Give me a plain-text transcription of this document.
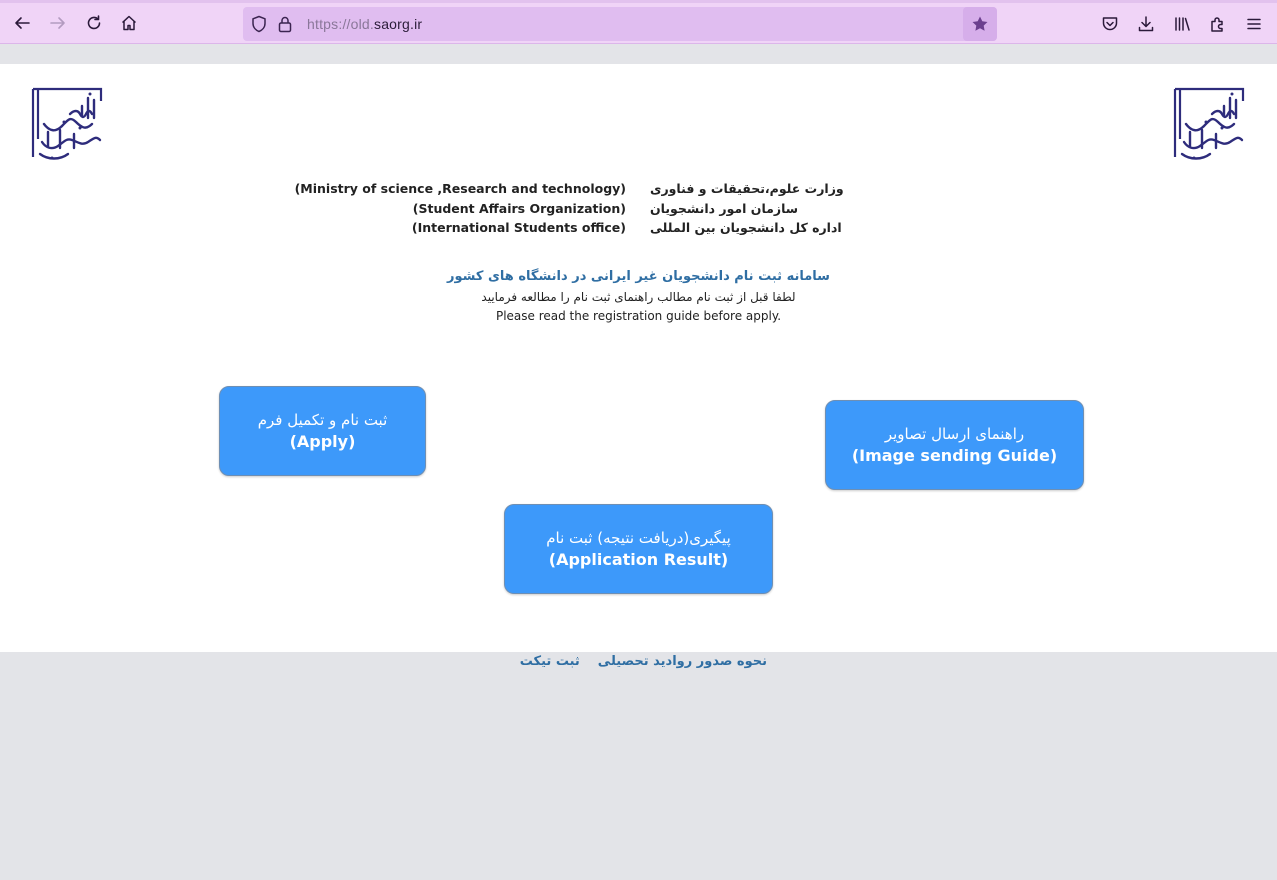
https://old.saorg.ir
(Ministry of science ,Research and technology) وزارت علوم،تحقیقات و فناوری
(Student Affairs Organization) سازمان امور دانشجویان
(International Students office) اداره کل دانشجویان بین المللی
سامانه ثبت نام دانشجویان غیر ایرانی در دانشگاه های کشور
لطفا قبل از ثبت نام مطالب راهنمای ثبت نام را مطالعه فرمایید
Please read the registration guide before apply.
ثبت نام و تکمیل فرم
(Apply)	راهنمای ارسال تصاویر
(Image sending Guide)
پیگیری(دریافت نتیجه) ثبت نام
(Application Result)
نحوه صدور روادید تحصیلیثبت تیکت
